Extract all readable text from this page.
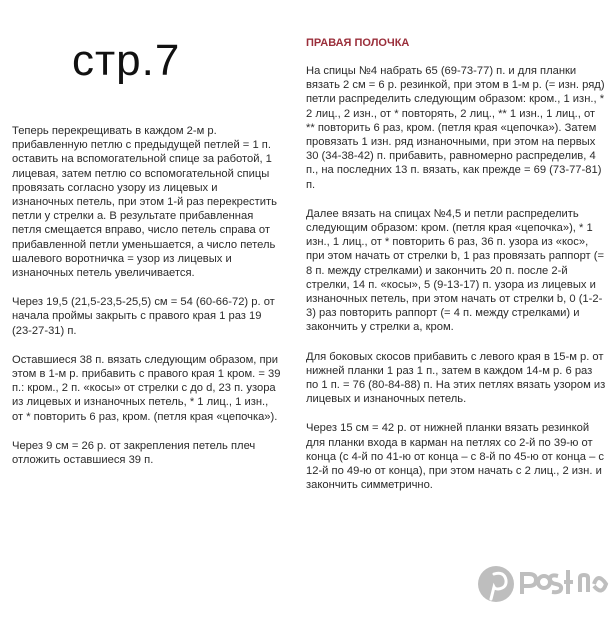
стр.7

Теперь перекрещивать в каждом 2-м р. прибавленную петлю с предыдущей петлей = 1 п. оставить на вспомогательной спице за работой, 1 лицевая, затем петлю со вспомогательной спицы провязать согласно узору из лицевых и изнаночных петель, при этом 1-й раз перекрестить петли у стрелки a. В результате прибавленная петля смещается вправо, число петель справа от прибавленной петли уменьшается, а число петель шалевого воротничка = узор из лицевых и изнаночных петель увеличивается.

Через 19,5 (21,5-23,5-25,5) см = 54 (60-66-72) р. от начала проймы закрыть с правого края 1 раз 19 (23-27-31) п.

Оставшиеся 38 п. вязать следующим образом, при этом в 1-м р. прибавить с правого края 1 кром. = 39 п.: кром., 2 п. «косы» от стрелки с до d, 23 п. узора из лицевых и изнаночных петель, * 1 лиц., 1 изн., от * повторить 6 раз, кром. (петля края «цепочка»).

Через 9 см = 26 р. от закрепления петель плеч отложить оставшиеся 39 п.

ПРАВАЯ ПОЛОЧКА

На спицы №4 набрать 65 (69-73-77) п. и для планки вязать 2 см = 6 р. резинкой, при этом в 1-м р. (= изн. ряд) петли распределить следующим образом: кром., 1 изн., * 2 лиц., 2 изн., от * повторять, 2 лиц., ** 1 изн., 1 лиц., от ** повторить 6 раз, кром. (петля края «цепочка»). Затем провязать 1 изн. ряд изнаночными, при этом на первых 30 (34-38-42) п. прибавить, равномерно распределив, 4 п., на последних 13 п. вязать, как прежде = 69 (73-77-81) п.

Далее вязать на спицах №4,5 и петли распределить следующим образом: кром. (петля края «цепочка»), * 1 изн., 1 лиц., от * повторить 6 раз, 36 п. узора из «кос», при этом начать от стрелки b, 1 раз провязать раппорт (= 8 п. между стрелками) и закончить 20 п. после 2-й стрелки, 14 п. «косы», 5 (9-13-17) п. узора из лицевых и изнаночных петель, при этом начать от стрелки b, 0 (1-2-3) раз повторить раппорт (= 4 п. между стрелками) и закончить у стрелки a, кром.

Для боковых скосов прибавить с левого края в 15-м р. от нижней планки 1 раз 1 п., затем в каждом 14-м р. 6 раз по 1 п. = 76 (80-84-88) п. На этих петлях вязать узором из лицевых и изнаночных петель.

Через 15 см = 42 р. от нижней планки вязать резинкой для планки входа в карман на петлях со 2-й по 39-ю от конца (с 4-й по 41-ю от конца – с 8-й по 45-ю от конца – с 12-й по 49-ю от конца), при этом начать с 2 лиц., 2 изн. и закончить симметрично.
